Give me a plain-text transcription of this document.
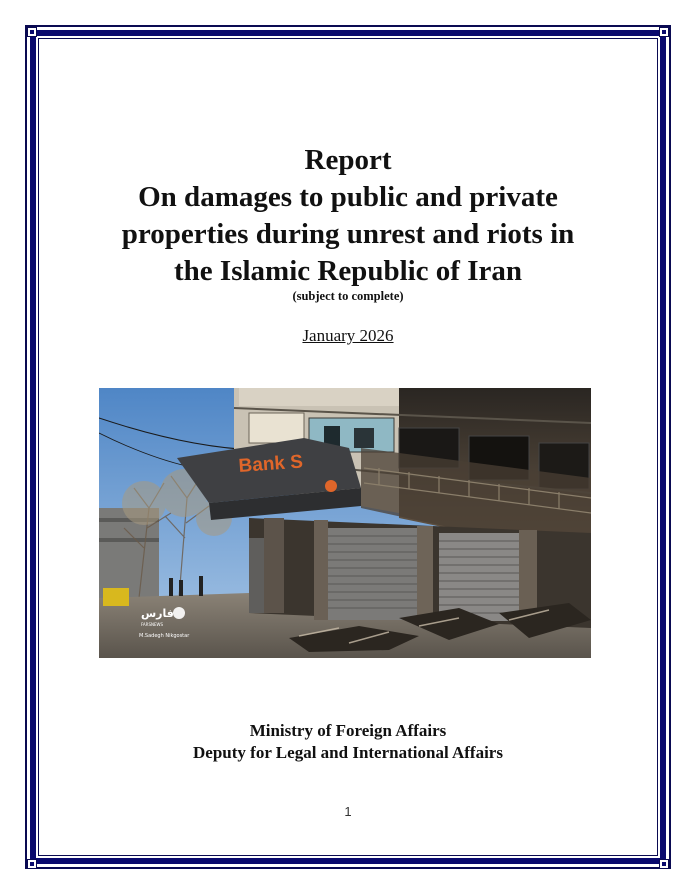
Report
On damages to public and private
properties during unrest and riots in
the Islamic Republic of Iran
(subject to complete)
January 2026
Bank S
فارس
FARSNEWS
M.Sadegh Nikgostar
Ministry of Foreign Affairs
Deputy for Legal and International Affairs
1
